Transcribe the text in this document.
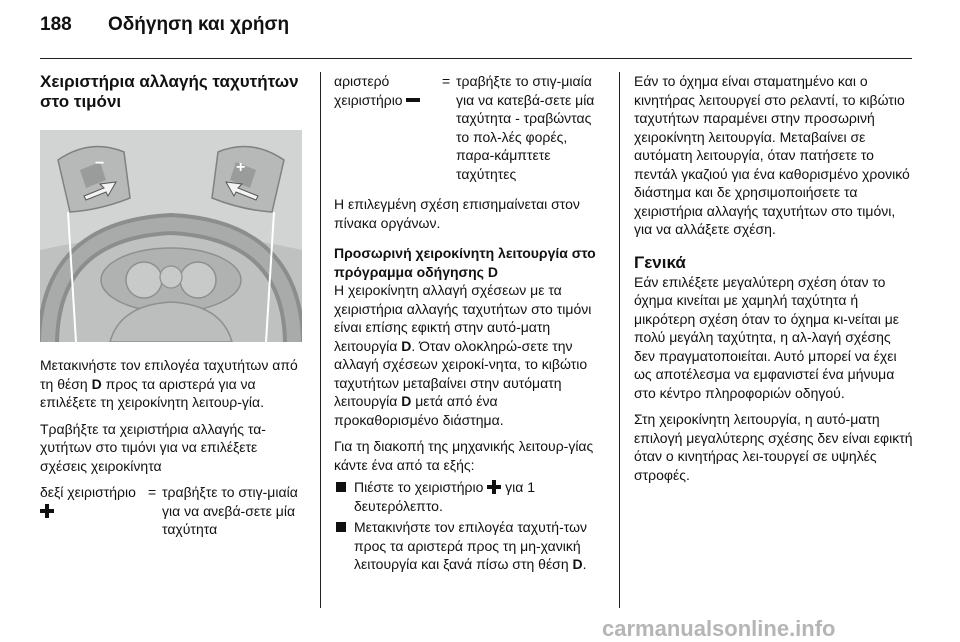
188 Οδήγηση και χρήση
Χειριστήρια αλλαγής ταχυτήτων στο τιμόνι
−	+
Μετακινήστε τον επιλογέα ταχυτήτων από τη θέση D προς τα αριστερά για να επιλέξετε τη χειροκίνητη λειτουρ-γία.
Τραβήξτε τα χειριστήρια αλλαγής τα-χυτήτων στο τιμόνι για να επιλέξετε σχέσεις χειροκίνητα
δεξί χειριστήριο = τραβήξτε το στιγ-μιαία για να ανεβά-σετε μία ταχύτητα
αριστερό χειριστήριο
= τραβήξτε το στιγ-μιαία για να κατεβά-σετε μία ταχύτητα - τραβώντας το πολ-λές φορές, παρα-κάμπτετε ταχύτητες
Η επιλεγμένη σχέση επισημαίνεται στον πίνακα οργάνων.
Προσωρινή χειροκίνητη λειτουργία στο πρόγραμμα οδήγησης D
Η χειροκίνητη αλλαγή σχέσεων με τα χειριστήρια αλλαγής ταχυτήτων στο τιμόνι είναι επίσης εφικτή στην αυτό-ματη λειτουργία D. Όταν ολοκληρώ-σετε την αλλαγή σχέσεων χειροκί-νητα, το κιβώτιο ταχυτήτων μεταβαίνει στην αυτόματη λειτουργία D μετά από ένα προκαθορισμένο διάστημα.
Για τη διακοπή της μηχανικής λειτουρ-γίας κάντε ένα από τα εξής:
Πιέστε το χειριστήριο  για 1 δευτερόλεπτο.
Μετακινήστε τον επιλογέα ταχυτή-των προς τα αριστερά προς τη μη-χανική λειτουργία και ξανά πίσω στη θέση D.
Εάν το όχημα είναι σταματημένο και ο κινητήρας λειτουργεί στο ρελαντί, το κιβώτιο ταχυτήτων παραμένει στην προσωρινή χειροκίνητη λειτουργία. Μεταβαίνει σε αυτόματη λειτουργία, όταν πατήσετε το πεντάλ γκαζιού για ένα καθορισμένο χρονικό διάστημα και δε χρησιμοποιήσετε τα χειριστήρια αλλαγής ταχυτήτων στο τιμόνι, για να αλλάξετε σχέση.
Γενικά
Εάν επιλέξετε μεγαλύτερη σχέση όταν το όχημα κινείται με χαμηλή ταχύτητα ή μικρότερη σχέση όταν το όχημα κι-νείται με πολύ μεγάλη ταχύτητα, η αλ-λαγή σχέσης δεν πραγματοποιείται. Αυτό μπορεί να έχει ως αποτέλεσμα να εμφανιστεί ένα μήνυμα στο κέντρο πληροφοριών οδηγού.
Στη χειροκίνητη λειτουργία, η αυτό-ματη επιλογή μεγαλύτερης σχέσης δεν είναι εφικτή όταν ο κινητήρας λει-τουργεί σε υψηλές στροφές.
carmanualsonline.info
